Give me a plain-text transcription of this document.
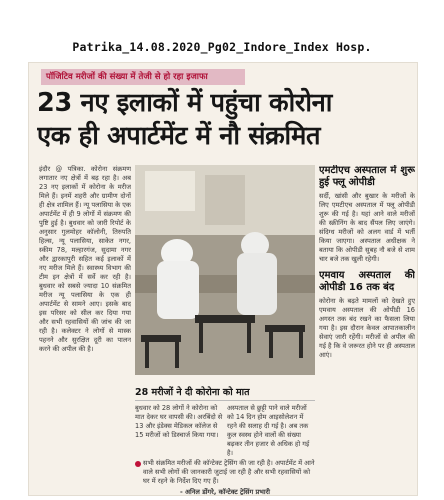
Patrika_14.08.2020_Pg02_Indore_Index Hosp.
पॉजिटिव मरीजों की संख्या में तेजी से हो रहा इजाफा
23 नए इलाकों में पहुंचा कोरोना
एक ही अपार्टमेंट में नौ संक्रमित
इंदौर @ पत्रिका. कोरोना संक्रमण लगातार नए क्षेत्रों में बढ़ रहा है। अब 23 नए इलाकों में कोरोना के मरीज मिले हैं। इनमें शहरी और ग्रामीण दोनों ही क्षेत्र शामिल हैं। न्यू पलासिया के एक अपार्टमेंट में ही 9 लोगों में संक्रमण की पुष्टि हुई है। बुधवार को जारी रिपोर्ट के अनुसार गुलमोहर कॉलोनी, तिरुपति हिल्स, न्यू पलासिया, साकेत नगर, स्कीम 78, मल्हारगंज, सुदामा नगर और द्वारकापुरी सहित कई इलाकों में नए मरीज मिले हैं। स्वास्थ्य विभाग की टीम इन क्षेत्रों में सर्वे कर रही है। बुधवार को सबसे ज्यादा 10 संक्रमित मरीज न्यू पलासिया के एक ही अपार्टमेंट से सामने आए। इसके बाद इस परिसर को सील कर दिया गया और सभी रहवासियों की जांच की जा रही है। कलेक्टर ने लोगों से मास्क पहनने और सुरक्षित दूरी का पालन करने की अपील की है।
28 मरीजों ने दी कोरोना को मात
बुधवार को 28 लोगों ने कोरोना को मात देकर घर वापसी की। अरबिंदो से 13 और इंडेक्स मेडिकल कॉलेज से 15 मरीजों को डिस्चार्ज किया गया।
अस्पताल से छुट्टी पाने वाले मरीजों को 14 दिन होम आइसोलेशन में रहने की सलाह दी गई है। अब तक कुल स्वस्थ होने वालों की संख्या बढ़कर तीन हजार से अधिक हो गई है।
सभी संक्रमित मरीजों की कॉन्टेक्ट ट्रेसिंग की जा रही है। अपार्टमेंट में आने वाले सभी लोगों की जानकारी जुटाई जा रही है और सभी रहवासियों को घर में रहने के निर्देश दिए गए हैं।
- अनिल डोंगरे, कॉन्टेक्ट ट्रेसिंग प्रभारी
एमटीएच अस्पताल में शुरू हुई फ्लू ओपीडी
सर्दी, खांसी और बुखार के मरीजों के लिए एमटीएच अस्पताल में फ्लू ओपीडी शुरू की गई है। यहां आने वाले मरीजों की स्क्रीनिंग के बाद सैंपल लिए जाएंगे। संदिग्ध मरीजों को अलग वार्ड में भर्ती किया जाएगा। अस्पताल अधीक्षक ने बताया कि ओपीडी सुबह नौ बजे से शाम चार बजे तक खुली रहेगी।
एमवाय अस्पताल की ओपीडी 16 तक बंद
कोरोना के बढ़ते मामलों को देखते हुए एमवाय अस्पताल की ओपीडी 16 अगस्त तक बंद रखने का फैसला लिया गया है। इस दौरान केवल आपातकालीन सेवाएं जारी रहेंगी। मरीजों से अपील की गई है कि वे जरूरत होने पर ही अस्पताल आएं।
